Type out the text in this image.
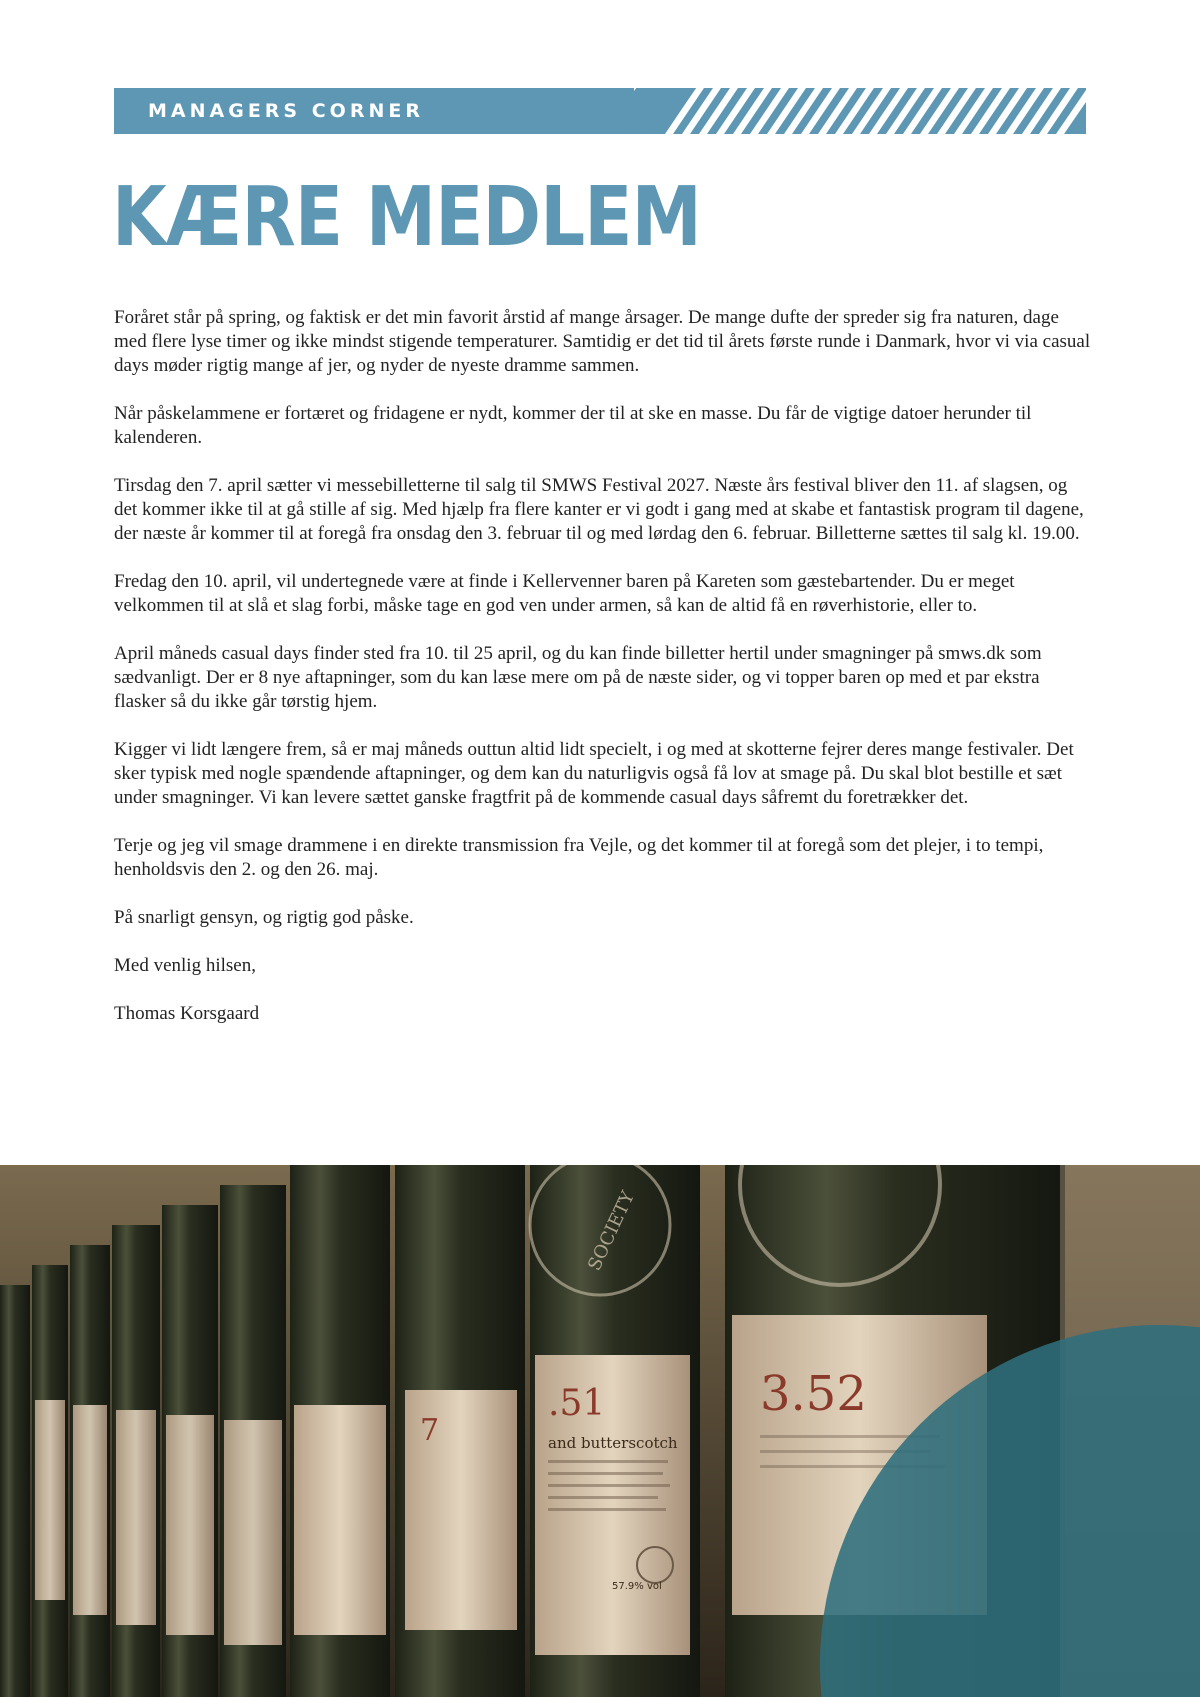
MANAGERS CORNER
KÆRE MEDLEM

Foråret står på spring, og faktisk er det min favorit årstid af mange årsager. De mange dufte der spreder sig fra naturen, dage med flere lyse timer og ikke mindst stigende temperaturer. Samtidig er det tid til årets første runde i Danmark, hvor vi via casual days møder rigtig mange af jer, og nyder de nyeste dramme sammen.

Når påskelammene er fortæret og fridagene er nydt, kommer der til at ske en masse. Du får de vigtige datoer herunder til kalenderen.

Tirsdag den 7. april sætter vi messebilletterne til salg til SMWS Festival 2027. Næste års festival bliver den 11. af slagsen, og det kommer ikke til at gå stille af sig. Med hjælp fra flere kanter er vi godt i gang med at skabe et fantastisk program til dagene, der næste år kommer til at foregå fra onsdag den 3. februar til og med lørdag den 6. februar. Billetterne sættes til salg kl. 19.00.

Fredag den 10. april, vil undertegnede være at finde i Kellervenner baren på Kareten som gæstebartender. Du er meget velkommen til at slå et slag forbi, måske tage en god ven under armen, så kan de altid få en røverhistorie, eller to.

April måneds casual days finder sted fra 10. til 25 april, og du kan finde billetter hertil under smagninger på smws.dk som sædvanligt. Der er 8 nye aftapninger, som du kan læse mere om på de næste sider, og vi topper baren op med et par ekstra flasker så du ikke går tørstig hjem.

Kigger vi lidt længere frem, så er maj måneds outtun altid lidt specielt, i og med at skotterne fejrer deres mange festivaler. Det sker typisk med nogle spændende aftapninger, og dem kan du naturligvis også få lov at smage på. Du skal blot bestille et sæt under smagninger. Vi kan levere sættet ganske fragtfrit på de kommende casual days såfremt du foretrækker det.

Terje og jeg vil smage drammene i en direkte transmission fra Vejle, og det kommer til at foregå som det plejer, i to tempi, henholdsvis den 2. og den 26. maj.

På snarligt gensyn, og rigtig god påske.

Med venlig hilsen,

Thomas Korsgaard

7
SOCIETY
.51
and butterscotch
57.9% vol
3.52
